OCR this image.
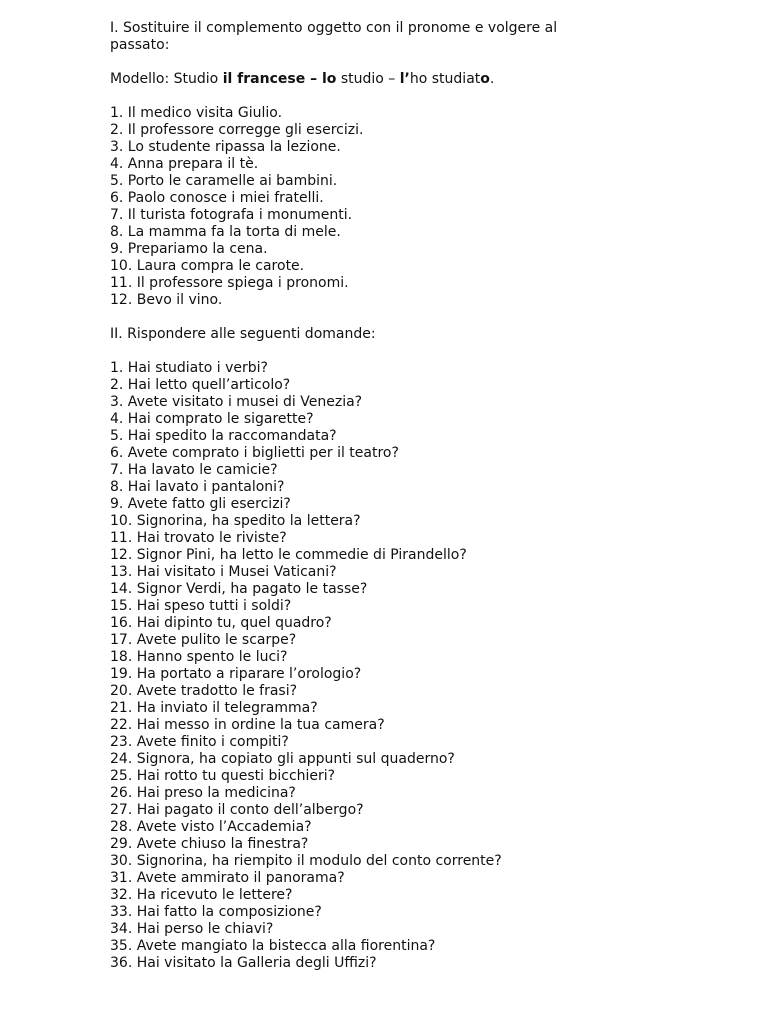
I. Sostituire il complemento oggetto con il pronome e volgere al
passato:
Modello: Studio il francese – lo studio – l’ho studiato.
1. Il medico visita Giulio.
2. Il professore corregge gli esercizi.
3. Lo studente ripassa la lezione.
4. Anna prepara il tè.
5. Porto le caramelle ai bambini.
6. Paolo conosce i miei fratelli.
7. Il turista fotografa i monumenti.
8. La mamma fa la torta di mele.
9. Prepariamo la cena.
10. Laura compra le carote.
11. Il professore spiega i pronomi.
12. Bevo il vino.
II. Rispondere alle seguenti domande:
1. Hai studiato i verbi?
2. Hai letto quell’articolo?
3. Avete visitato i musei di Venezia?
4. Hai comprato le sigarette?
5. Hai spedito la raccomandata?
6. Avete comprato i biglietti per il teatro?
7. Ha lavato le camicie?
8. Hai lavato i pantaloni?
9. Avete fatto gli esercizi?
10. Signorina, ha spedito la lettera?
11. Hai trovato le riviste?
12. Signor Pini, ha letto le commedie di Pirandello?
13. Hai visitato i Musei Vaticani?
14. Signor Verdi, ha pagato le tasse?
15. Hai speso tutti i soldi?
16. Hai dipinto tu, quel quadro?
17. Avete pulito le scarpe?
18. Hanno spento le luci?
19. Ha portato a riparare l’orologio?
20. Avete tradotto le frasi?
21. Ha inviato il telegramma?
22. Hai messo in ordine la tua camera?
23. Avete finito i compiti?
24. Signora, ha copiato gli appunti sul quaderno?
25. Hai rotto tu questi bicchieri?
26. Hai preso la medicina?
27. Hai pagato il conto dell’albergo?
28. Avete visto l’Accademia?
29. Avete chiuso la finestra?
30. Signorina, ha riempito il modulo del conto corrente?
31. Avete ammirato il panorama?
32. Ha ricevuto le lettere?
33. Hai fatto la composizione?
34. Hai perso le chiavi?
35. Avete mangiato la bistecca alla fiorentina?
36. Hai visitato la Galleria degli Uffizi?
